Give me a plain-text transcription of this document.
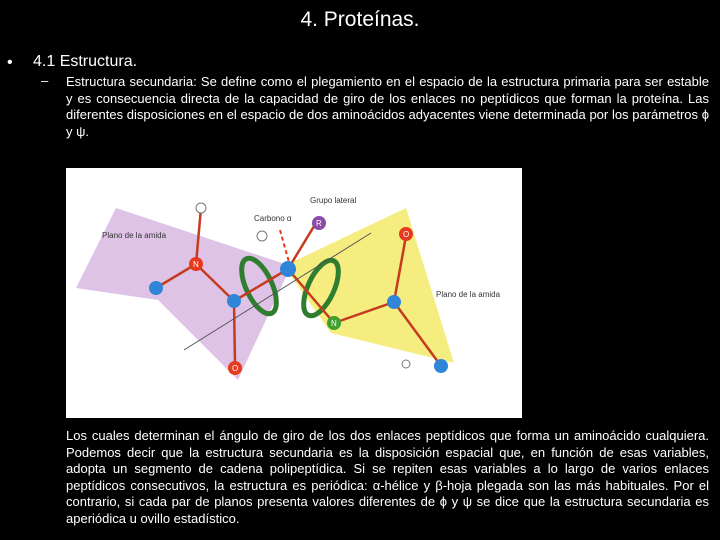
4. Proteínas.
• 4.1 Estructura.
– Estructura secundaria: Se define como el plegamiento en el espacio de la estructura primaria para ser estable y es consecuencia directa de la capacidad de giro de los enlaces no peptídicos que forman la proteína. Las diferentes disposiciones en el espacio de dos aminoácidos adyacentes viene determinada por los parámetros ϕ y ψ.
N
N
O
O
R
Grupo lateral
Carbono α
Plano de la amida
Plano de la amida
Los cuales determinan el ángulo de giro de los dos enlaces peptídicos que forma un aminoácido cualquiera. Podemos decir que la estructura secundaria es la disposición espacial que, en función de esas variables, adopta un segmento de cadena polipeptídica. Si se repiten esas variables a lo largo de varios enlaces peptídicos consecutivos, la estructura es periódica: α-hélice y β-hoja plegada son las más habituales. Por el contrario, si cada par de planos presenta valores diferentes de ϕ y ψ se dice que la estructura secundaria es aperiódica u ovillo estadístico.
